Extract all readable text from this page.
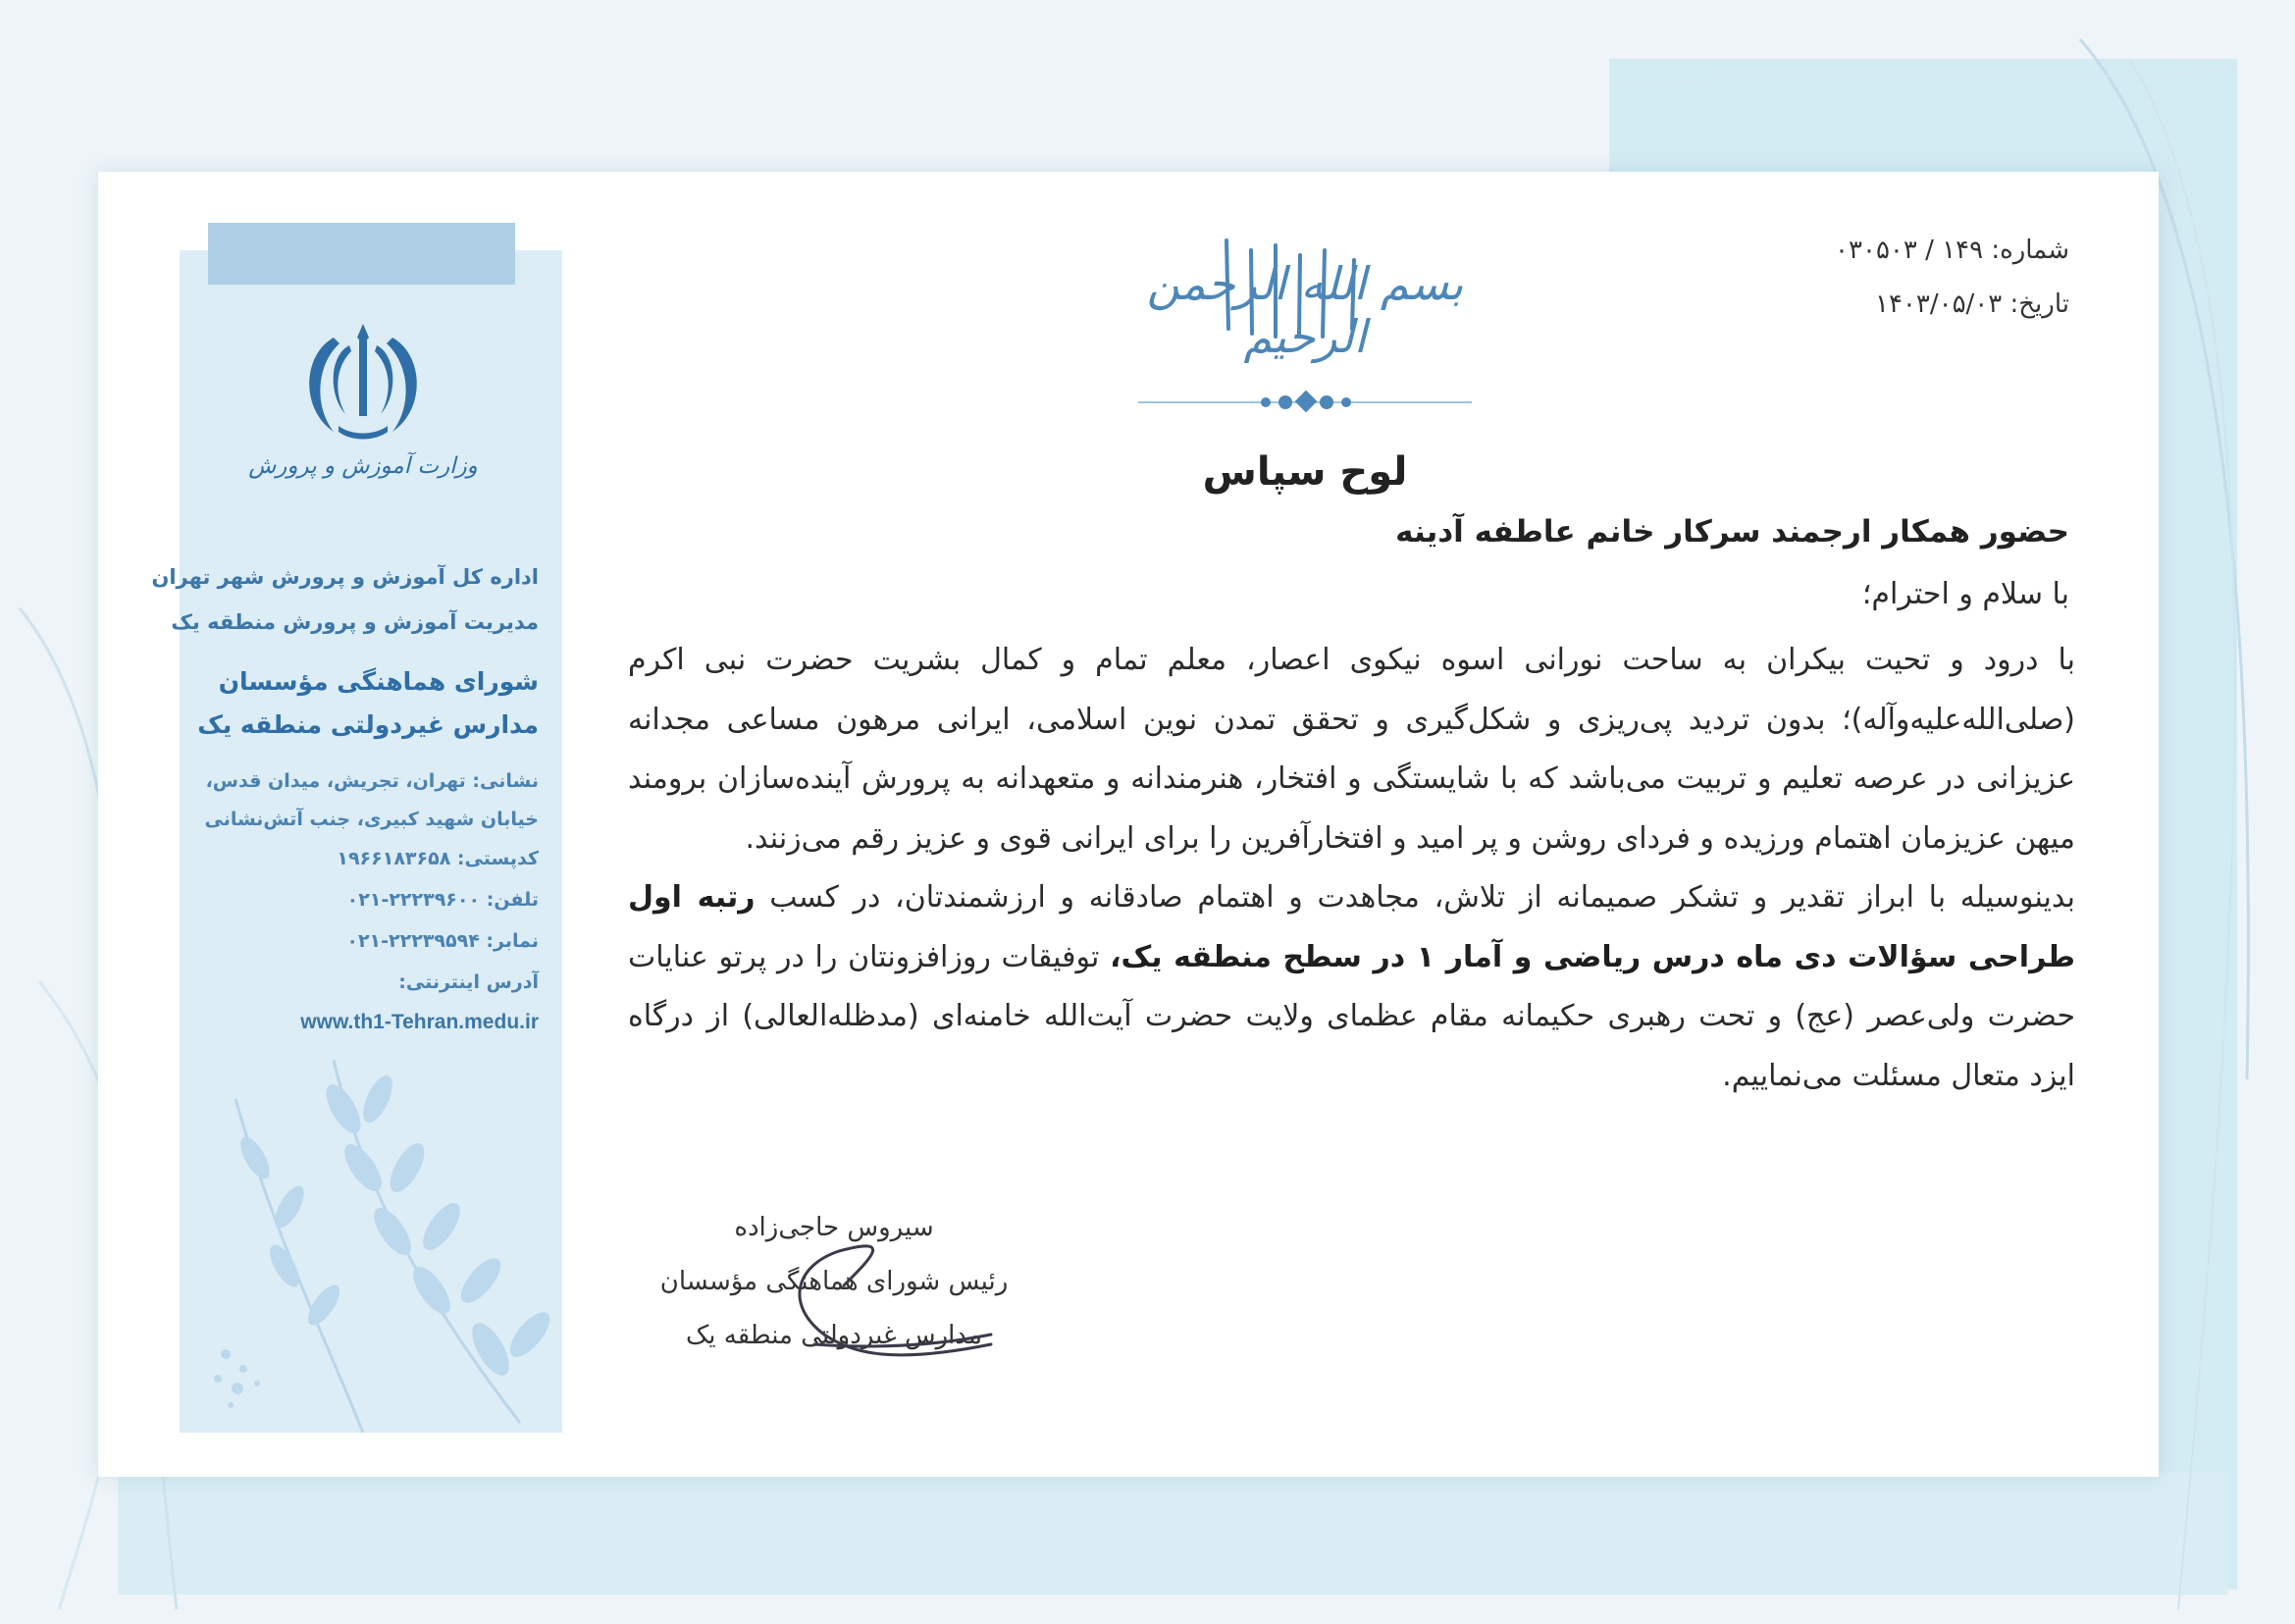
وزارت آموزش و پرورش
اداره کل آموزش و پرورش شهر تهران
مدیریت آموزش و پرورش منطقه یک
شورای هماهنگی مؤسسان
مدارس غیردولتی منطقه یک
نشانی: تهران، تجریش، میدان قدس،
خیابان شهید کبیری، جنب آتش‌نشانی
کدپستی: ۱۹۶۶۱۸۳۶۵۸
تلفن: ۲۲۲۳۹۶۰۰-۰۲۱
نمابر: ۲۲۲۳۹۵۹۴-۰۲۱
آدرس اینترنتی:
www.th1-Tehran.medu.ir
شماره: ۱۴۹ / ۰۳۰۵۰۳
تاریخ: ۱۴۰۳/۰۵/۰۳
بسم الله الرحمن الرحیم
لوح سپاس
حضور همکار ارجمند سرکار خانم عاطفه آدینه
با سلام و احترام؛

با درود و تحیت بیکران به ساحت نورانی اسوه نیکوی اعصار، معلم تمام و کمال بشریت حضرت نبی اکرم (صلی‌الله‌علیه‌وآله)؛ بدون تردید پی‌ریزی و شکل‌گیری و تحقق تمدن نوین اسلامی، ایرانی مرهون مساعی مجدانه عزیزانی در عرصه تعلیم و تربیت می‌باشد که با شایستگی و افتخار، هنرمندانه و متعهدانه به پرورش آینده‌سازان برومند میهن عزیزمان اهتمام ورزیده و فردای روشن و پر امید و افتخارآفرین را برای ایرانی قوی و عزیز رقم می‌زنند.

بدینوسیله با ابراز تقدیر و تشکر صمیمانه از تلاش، مجاهدت و اهتمام صادقانه و ارزشمندتان، در کسب رتبه اول طراحی سؤالات دی ماه درس ریاضی و آمار ۱ در سطح منطقه یک، توفیقات روزافزونتان را در پرتو عنایات حضرت ولی‌عصر (عج) و تحت رهبری حکیمانه مقام عظمای ولایت حضرت آیت‌الله خامنه‌ای (مدظله‌العالی) از درگاه ایزد متعال مسئلت می‌نماییم.

سیروس حاجی‌زاده
رئیس شورای هماهنگی مؤسسان
مدارس غیردولتی منطقه یک
